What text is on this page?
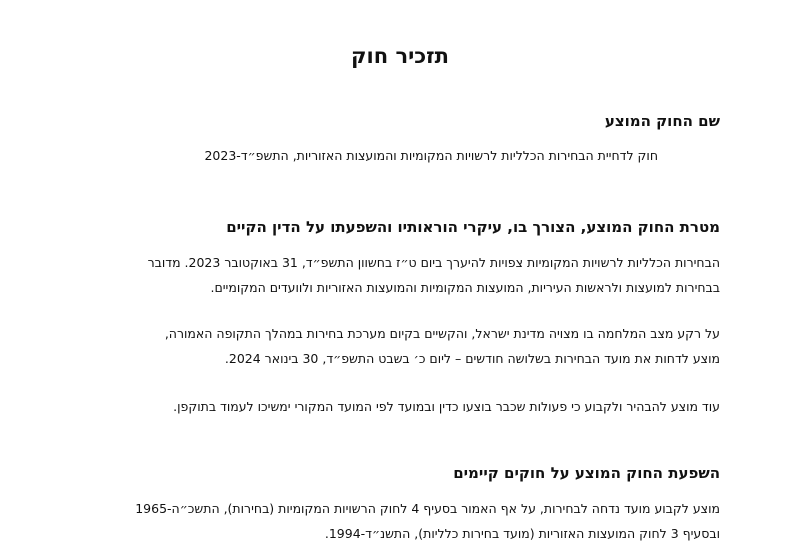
תזכיר חוק
שם החוק המוצע

חוק לדחיית הבחירות הכלליות לרשויות המקומיות והמועצות האזוריות, התשפ״ד-2023

מטרת החוק המוצע, הצורך בו, עיקרי הוראותיו והשפעתו על הדין הקיים

הבחירות הכלליות לרשויות המקומיות צפויות להיערך ביום ט״ז בחשוון התשפ״ד, 31 באוקטובר 2023. מדובר
בבחירות למועצות ולראשות העיריות, המועצות המקומיות והמועצות האזוריות ולוועדים המקומיים.

על רקע מצב המלחמה בו מצויה מדינת ישראל, והקשיים בקיום מערכת בחירות במהלך התקופה האמורה,
מוצע לדחות את מועד הבחירות בשלושה חודשים – ליום כ׳ בשבט התשפ״ד, 30 בינואר 2024.

עוד מוצע להבהיר ולקבוע כי פעולות שכבר בוצעו כדין ובמועד לפי המועד המקורי ימשיכו לעמוד בתוקפן.

השפעת החוק המוצע על חוקים קיימים

מוצע לקבוע מועד נדחה לבחירות, על אף האמור בסעיף 4 לחוק הרשויות המקומיות (בחירות), התשכ״ה-1965
ובסעיף 3 לחוק המועצות האזוריות (מועד בחירות כלליות), התשנ״ד-1994.
